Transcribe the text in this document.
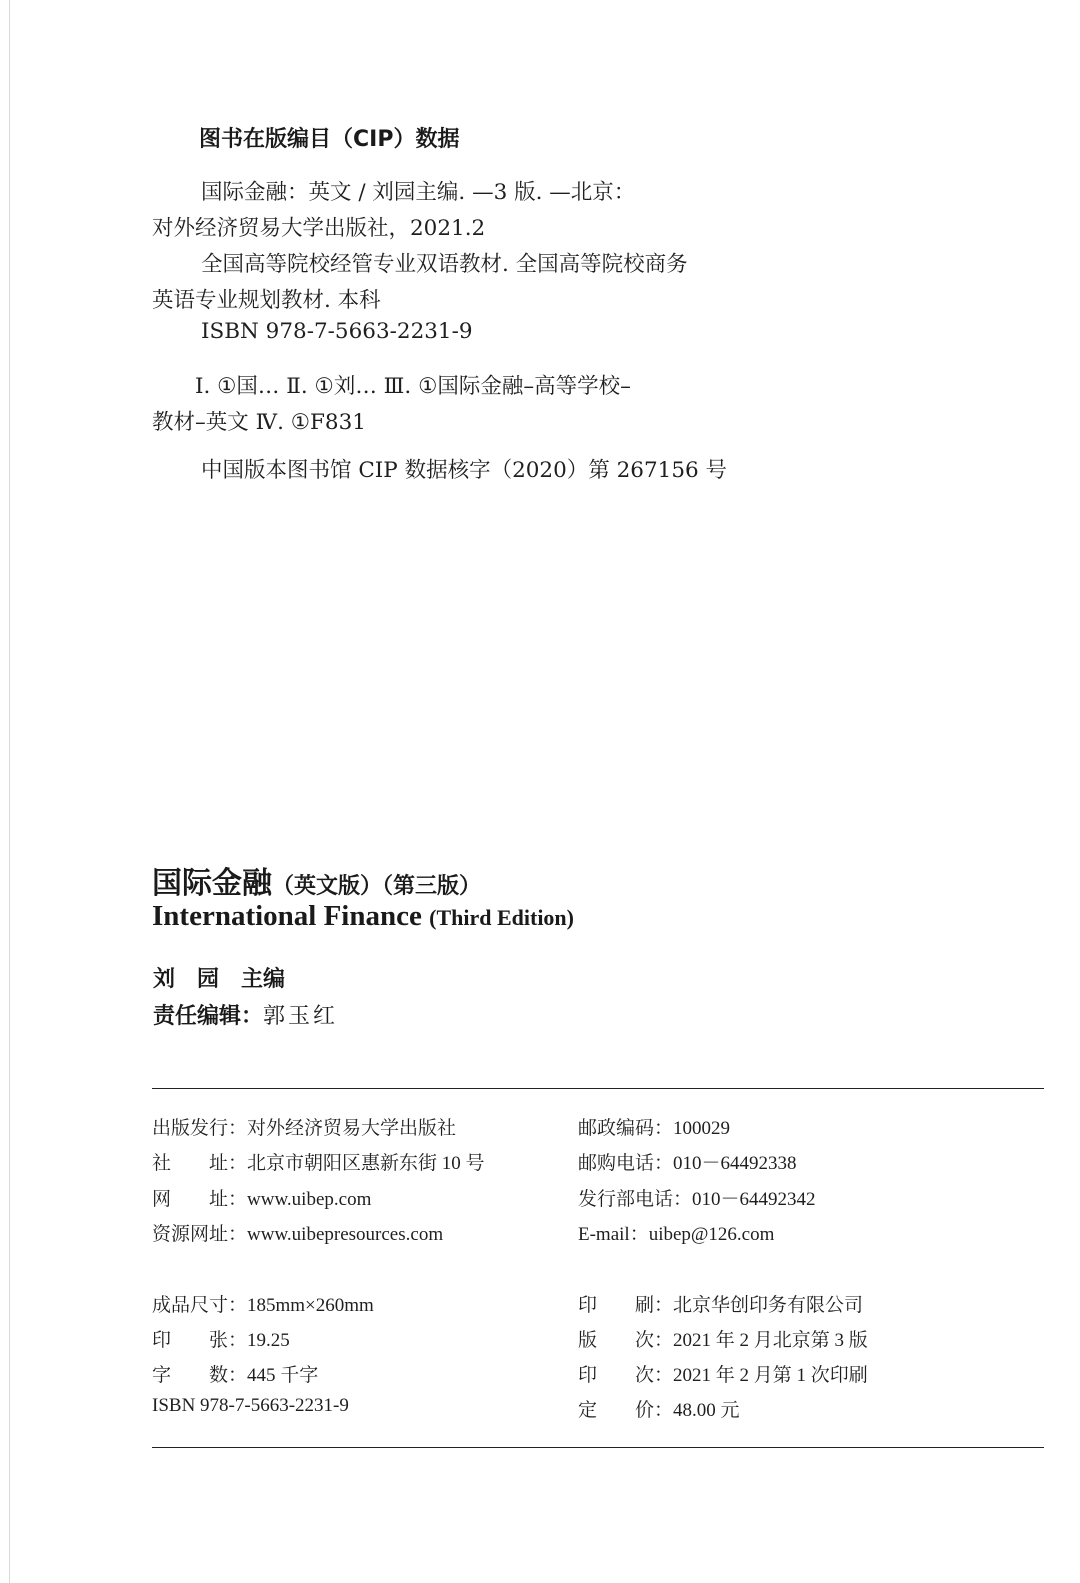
图书在版编目（CIP）数据
国际金融：英文 / 刘园主编. —3 版. —北京：
对外经济贸易大学出版社，2021.2
全国高等院校经管专业双语教材. 全国高等院校商务
英语专业规划教材. 本科
ISBN 978-7-5663-2231-9
Ⅰ. ①国… Ⅱ. ①刘… Ⅲ. ①国际金融–高等学校–
教材–英文 Ⅳ. ①F831
中国版本图书馆 CIP 数据核字（2020）第 267156 号
国际金融（英文版）（第三版）
International Finance (Third Edition)
刘　园　主编
责任编辑：郭玉红
出版发行：对外经济贸易大学出版社
社　　址：北京市朝阳区惠新东街 10 号
网　　址：www.uibep.com
资源网址：www.uibepresources.com
邮政编码：100029
邮购电话：010－64492338
发行部电话：010－64492342
E-mail：uibep@126.com
成品尺寸：185mm×260mm
印　　张：19.25
字　　数：445 千字
ISBN 978-7-5663-2231-9
印　　刷：北京华创印务有限公司
版　　次：2021 年 2 月北京第 3 版
印　　次：2021 年 2 月第 1 次印刷
定　　价：48.00 元
